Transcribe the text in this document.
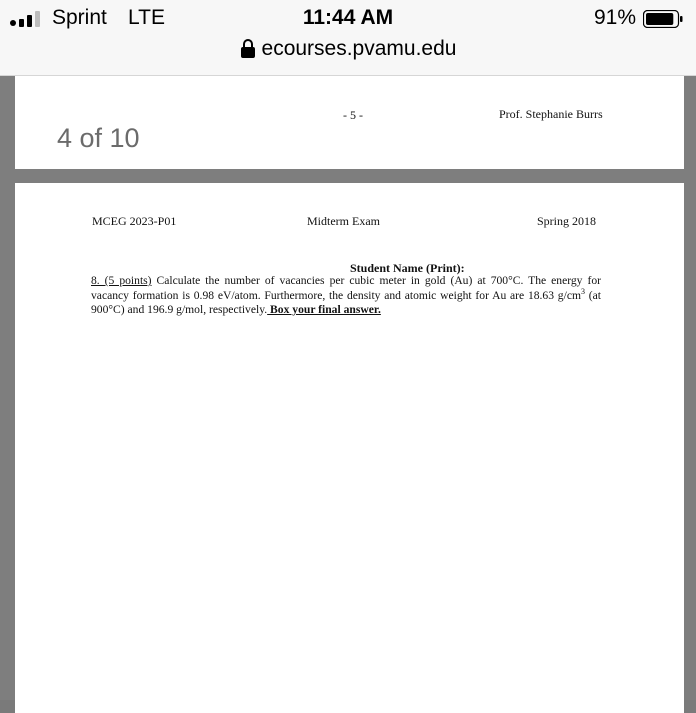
Sprint LTE	11:44 AM	91%
ecourses.pvamu.edu
- 5 -	Prof. Stephanie Burrs
4 of 10
MCEG 2023-P01	Midterm Exam	Spring 2018
Student Name (Print):
8. (5 points) Calculate the number of vacancies per cubic meter in gold (Au) at 700°C. The energy for vacancy formation is 0.98 eV/atom. Furthermore, the density and atomic weight for Au are 18.63 $g/cm^3$ (at 900°C) and 196.9 g/mol, respectively. Box your final answer.
